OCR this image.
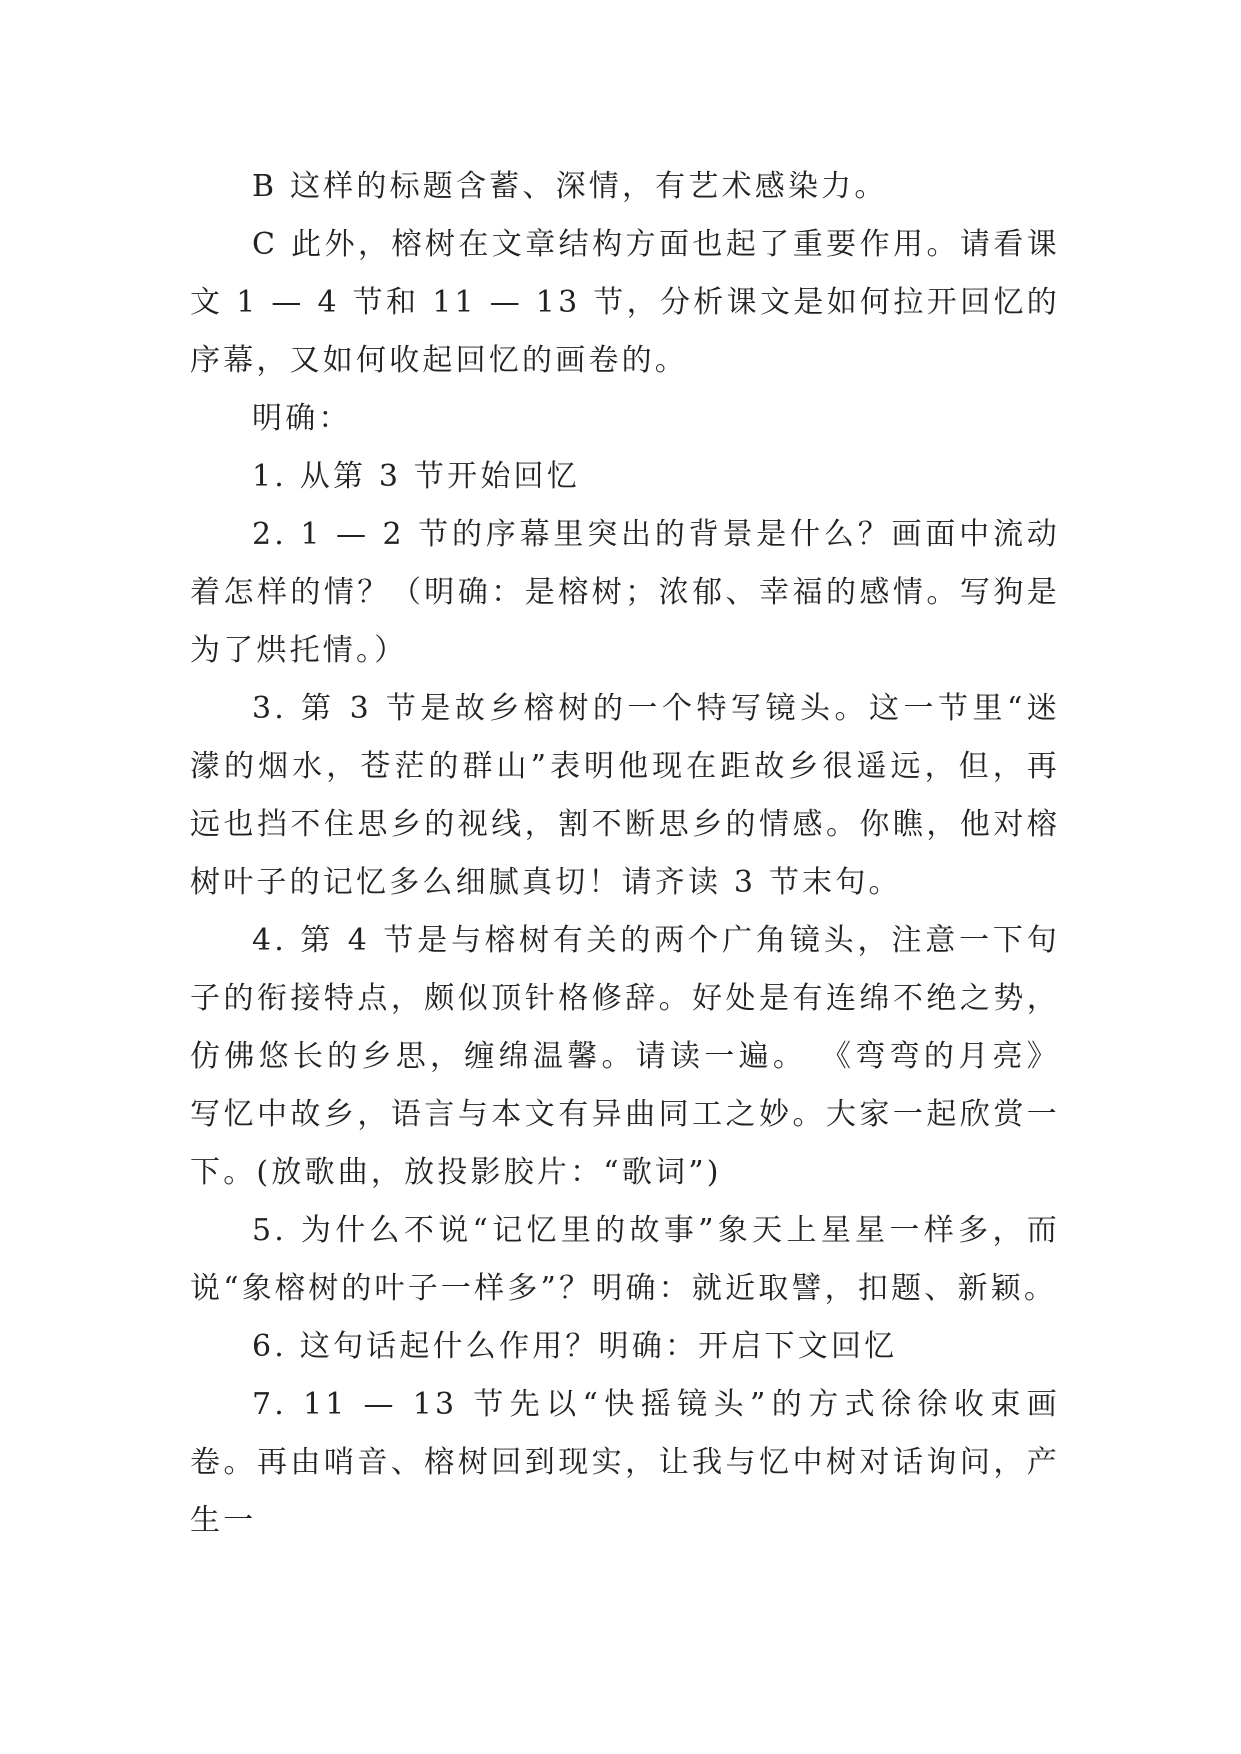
B 这样的标题含蓄、深情，有艺术感染力。

C 此外，榕树在文章结构方面也起了重要作用。请看课文 1 — 4 节和 11 — 13 节，分析课文是如何拉开回忆的序幕，又如何收起回忆的画卷的。

明确：

1. 从第 3 节开始回忆

2. 1 — 2 节的序幕里突出的背景是什么？画面中流动着怎样的情？（明确：是榕树；浓郁、幸福的感情。写狗是为了烘托情。）

3. 第 3 节是故乡榕树的一个特写镜头。这一节里“迷濛的烟水，苍茫的群山”表明他现在距故乡很遥远，但，再远也挡不住思乡的视线，割不断思乡的情感。你瞧，他对榕树叶子的记忆多么细腻真切！请齐读 3 节末句。

4. 第 4 节是与榕树有关的两个广角镜头，注意一下句子的衔接特点，颇似顶针格修辞。好处是有连绵不绝之势，仿佛悠长的乡思，缠绵温馨。请读一遍。 《弯弯的月亮》写忆中故乡，语言与本文有异曲同工之妙。大家一起欣赏一下。(放歌曲，放投影胶片：“歌词”)

5. 为什么不说“记忆里的故事”象天上星星一样多，而说“象榕树的叶子一样多”？明确：就近取譬，扣题、新颖。

6. 这句话起什么作用？明确：开启下文回忆

7. 11 — 13 节先以“快摇镜头”的方式徐徐收束画卷。再由哨音、榕树回到现实，让我与忆中树对话询问，产生一
